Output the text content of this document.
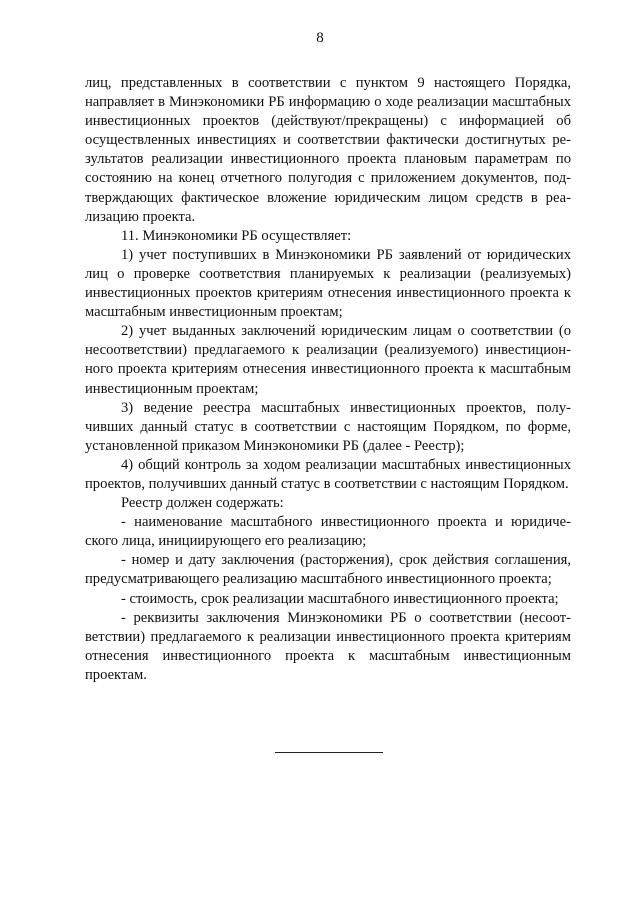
8

лиц, представленных в соответствии с пунктом 9 настоящего Порядка, направляет в Минэкономики РБ информацию о ходе реализации масштабных инвестиционных проектов (действуют/прекращены) с информацией об осуществленных инвестициях и соответствии фактически достигнутых результатов реализации инвестиционного проекта плановым параметрам по состоянию на конец отчетного полугодия с приложением документов, подтверждающих фактическое вложение юридическим лицом средств в реализацию проекта.

11. Минэкономики РБ осуществляет:

1) учет поступивших в Минэкономики РБ заявлений от юридических лиц о проверке соответствия планируемых к реализации (реализуемых) инвестиционных проектов критериям отнесения инвестиционного проекта к масштабным инвестиционным проектам;

2) учет выданных заключений юридическим лицам о соответствии (о несоответствии) предлагаемого к реализации (реализуемого) инвестиционного проекта критериям отнесения инвестиционного проекта к масштабным инвестиционным проектам;

3) ведение реестра масштабных инвестиционных проектов, получивших данный статус в соответствии с настоящим Порядком, по форме, установленной приказом Минэкономики РБ (далее - Реестр);

4) общий контроль за ходом реализации масштабных инвестиционных проектов, получивших данный статус в соответствии с настоящим Порядком.

Реестр должен содержать:

- наименование масштабного инвестиционного проекта и юридического лица, инициирующего его реализацию;

- номер и дату заключения (расторжения), срок действия соглашения, предусматривающего реализацию масштабного инвестиционного проекта;

- стоимость, срок реализации масштабного инвестиционного проекта;

- реквизиты заключения Минэкономики РБ о соответствии (несоответствии) предлагаемого к реализации инвестиционного проекта критериям отнесения инвестиционного проекта к масштабным инвестиционным проектам.
